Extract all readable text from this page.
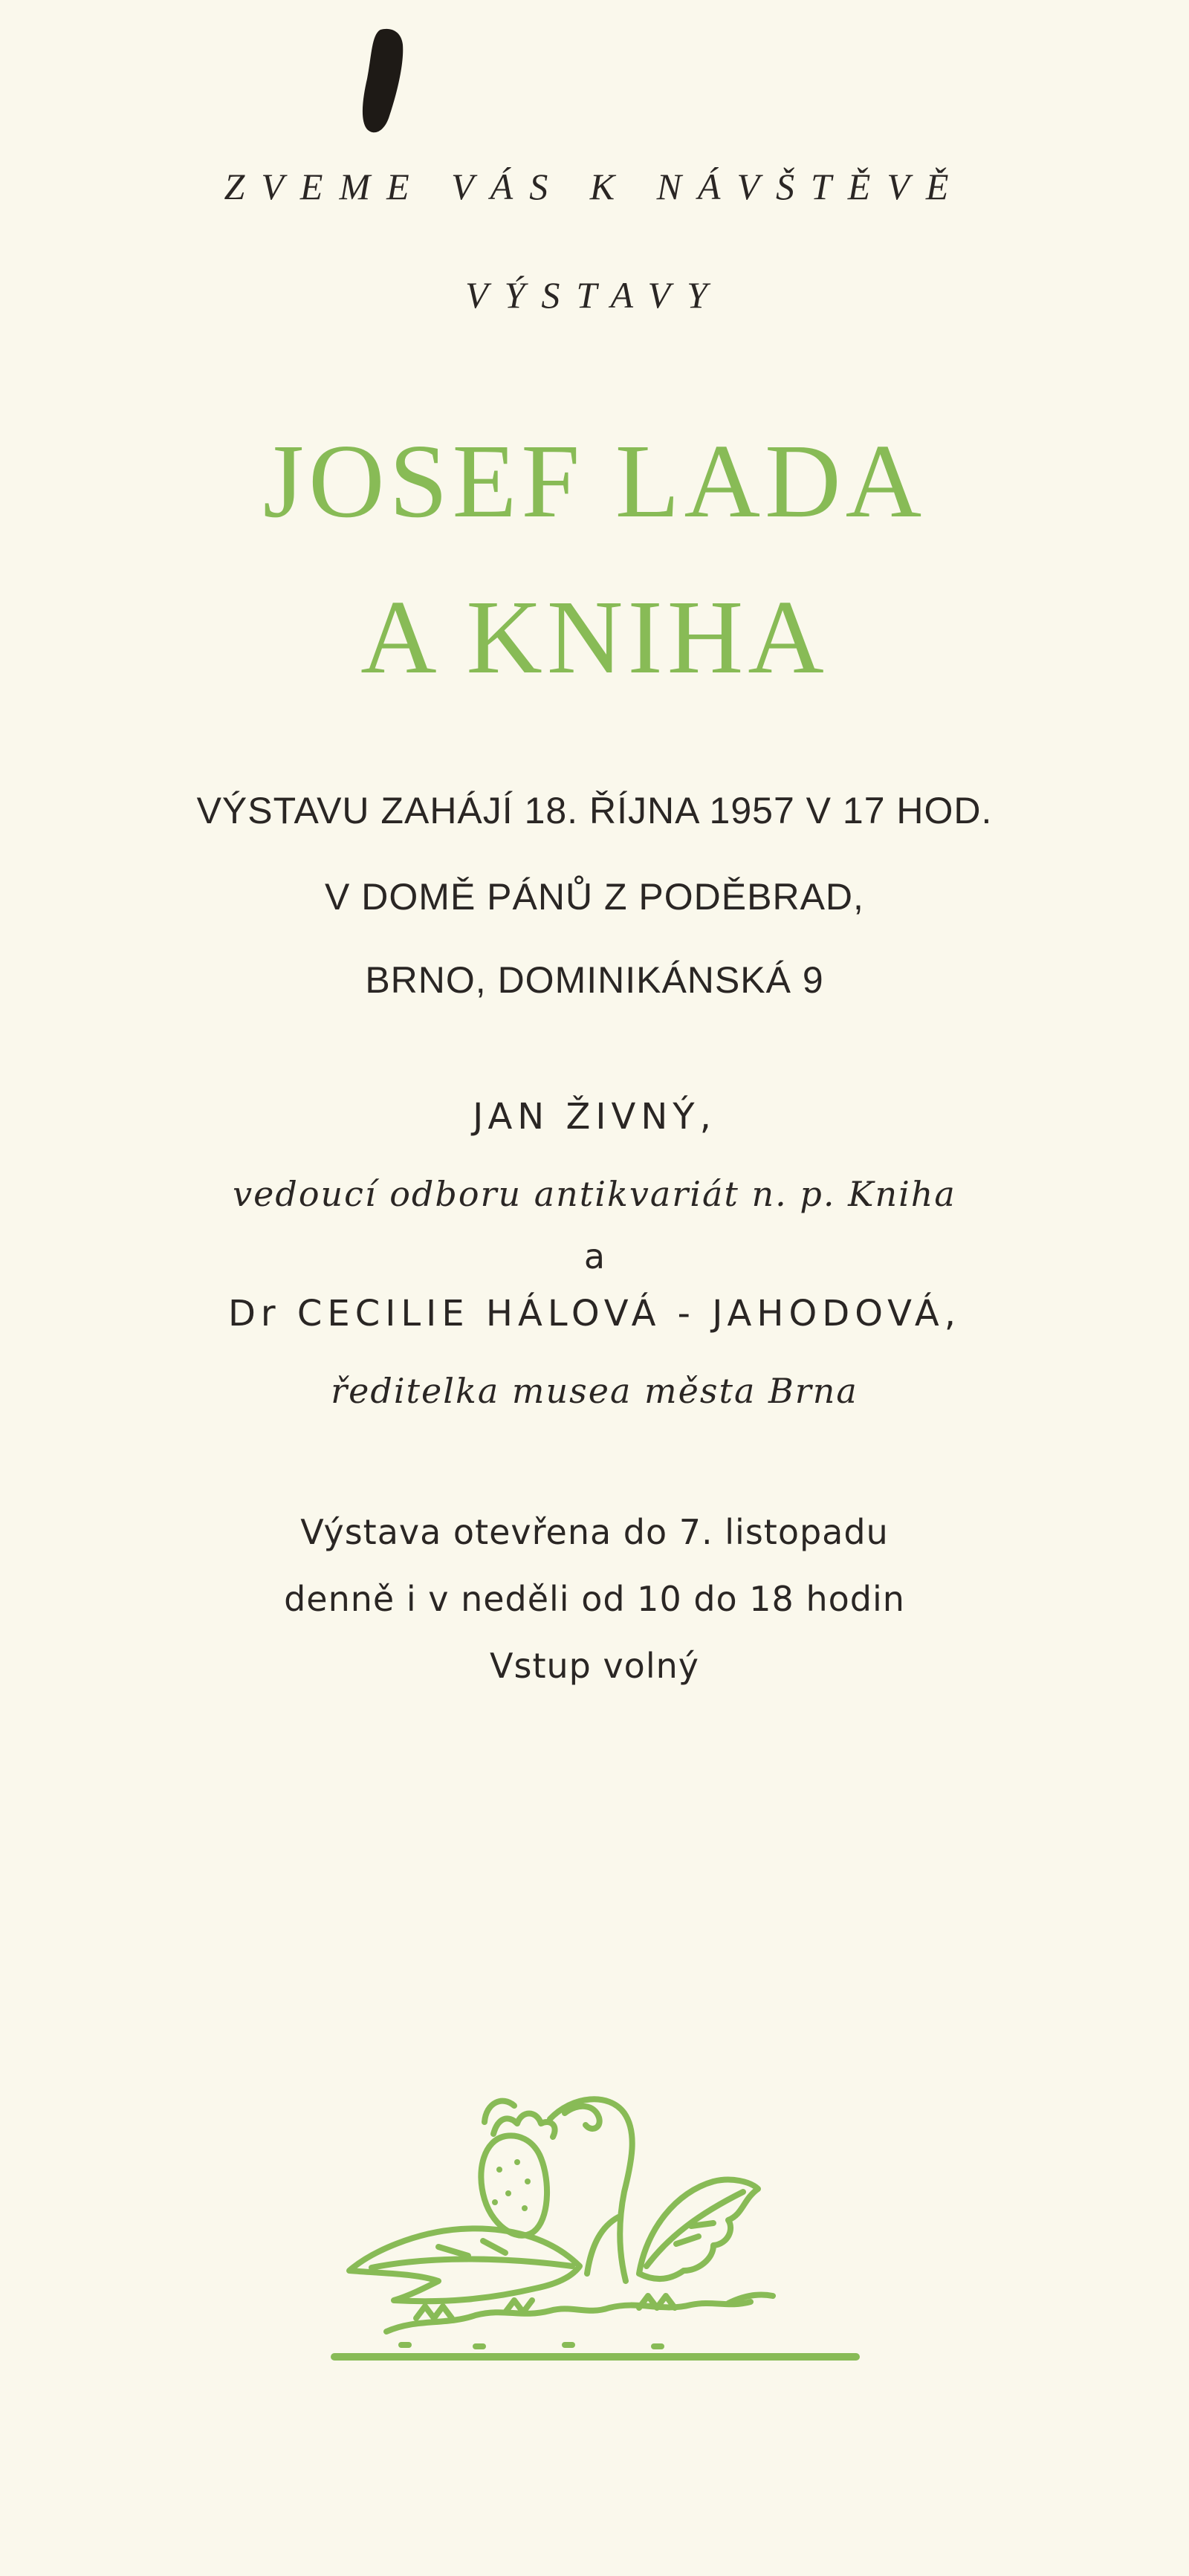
ZVEME VÁS K NÁVŠTĚVĚ
VÝSTAVY
JOSEF LADA
A KNIHA
VÝSTAVU ZAHÁJÍ 18. ŘÍJNA 1957 V 17 HOD.
V DOMĚ PÁNŮ Z PODĚBRAD,
BRNO, DOMINIKÁNSKÁ 9
JAN ŽIVNÝ,
vedoucí odboru antikvariát n. p. Kniha
a
Dr CECILIE HÁLOVÁ - JAHODOVÁ,
ředitelka musea města Brna
Výstava otevřena do 7. listopadu
denně i v neděli od 10 do 18 hodin
Vstup volný
